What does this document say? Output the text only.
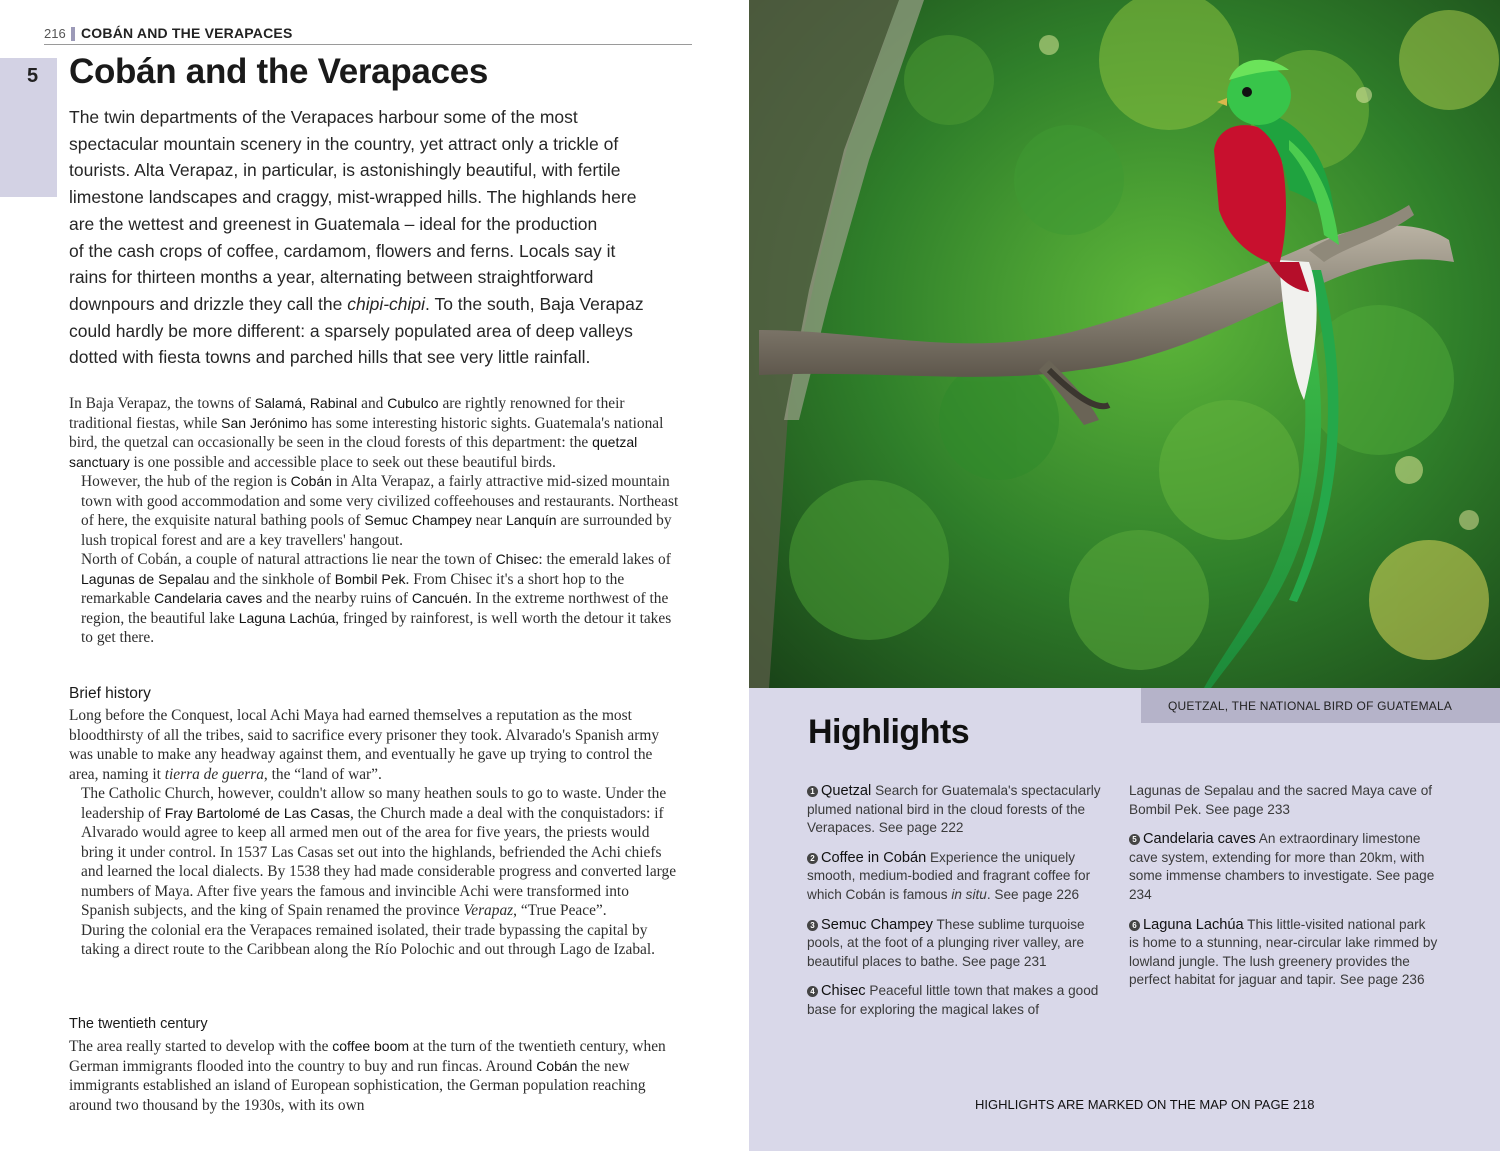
216 COBÁN AND THE VERAPACES
5 Cobán and the Verapaces
The twin departments of the Verapaces harbour some of the most
spectacular mountain scenery in the country, yet attract only a trickle of
tourists. Alta Verapaz, in particular, is astonishingly beautiful, with fertile
limestone landscapes and craggy, mist-wrapped hills. The highlands here
are the wettest and greenest in Guatemala – ideal for the production
of the cash crops of coffee, cardamom, flowers and ferns. Locals say it
rains for thirteen months a year, alternating between straightforward
downpours and drizzle they call the chipi-chipi. To the south, Baja Verapaz
could hardly be more different: a sparsely populated area of deep valleys
dotted with fiesta towns and parched hills that see very little rainfall.
In Baja Verapaz, the towns of Salamá, Rabinal and Cubulco are rightly renowned for their traditional fiestas, while San Jerónimo has some interesting historic sights. Guatemala's national bird, the quetzal can occasionally be seen in the cloud forests of this department: the quetzal sanctuary is one possible and accessible place to seek out these beautiful birds.
However, the hub of the region is Cobán in Alta Verapaz, a fairly attractive mid-sized mountain town with good accommodation and some very civilized coffeehouses and restaurants. Northeast of here, the exquisite natural bathing pools of Semuc Champey near Lanquín are surrounded by lush tropical forest and are a key travellers' hangout.
North of Cobán, a couple of natural attractions lie near the town of Chisec: the emerald lakes of Lagunas de Sepalau and the sinkhole of Bombil Pek. From Chisec it's a short hop to the remarkable Candelaria caves and the nearby ruins of Cancuén. In the extreme northwest of the region, the beautiful lake Laguna Lachúa, fringed by rainforest, is well worth the detour it takes to get there.
Brief history
Long before the Conquest, local Achi Maya had earned themselves a reputation as the most bloodthirsty of all the tribes, said to sacrifice every prisoner they took. Alvarado's Spanish army was unable to make any headway against them, and eventually he gave up trying to control the area, naming it tierra de guerra, the “land of war”.
The Catholic Church, however, couldn't allow so many heathen souls to go to waste. Under the leadership of Fray Bartolomé de Las Casas, the Church made a deal with the conquistadors: if Alvarado would agree to keep all armed men out of the area for five years, the priests would bring it under control. In 1537 Las Casas set out into the highlands, befriended the Achi chiefs and learned the local dialects. By 1538 they had made considerable progress and converted large numbers of Maya. After five years the famous and invincible Achi were transformed into Spanish subjects, and the king of Spain renamed the province Verapaz, “True Peace”.
During the colonial era the Verapaces remained isolated, their trade bypassing the capital by taking a direct route to the Caribbean along the Río Polochic and out through Lago de Izabal.
The twentieth century
The area really started to develop with the coffee boom at the turn of the twentieth century, when German immigrants flooded into the country to buy and run fincas. Around Cobán the new immigrants established an island of European sophistication, the German population reaching around two thousand by the 1930s, with its own
QUETZAL, THE NATIONAL BIRD OF GUATEMALA
Highlights

1 Quetzal Search for Guatemala's spectacularly plumed national bird in the cloud forests of the Verapaces. See page 222

2 Coffee in Cobán Experience the uniquely smooth, medium-bodied and fragrant coffee for which Cobán is famous in situ. See page 226

3 Semuc Champey These sublime turquoise pools, at the foot of a plunging river valley, are beautiful places to bathe. See page 231

4 Chisec Peaceful little town that makes a good base for exploring the magical lakes of

Lagunas de Sepalau and the sacred Maya cave of Bombil Pek. See page 233

5 Candelaria caves An extraordinary limestone cave system, extending for more than 20km, with some immense chambers to investigate. See page 234

6 Laguna Lachúa This little-visited national park is home to a stunning, near-circular lake rimmed by lowland jungle. The lush greenery provides the perfect habitat for jaguar and tapir. See page 236

HIGHLIGHTS ARE MARKED ON THE MAP ON PAGE 218
